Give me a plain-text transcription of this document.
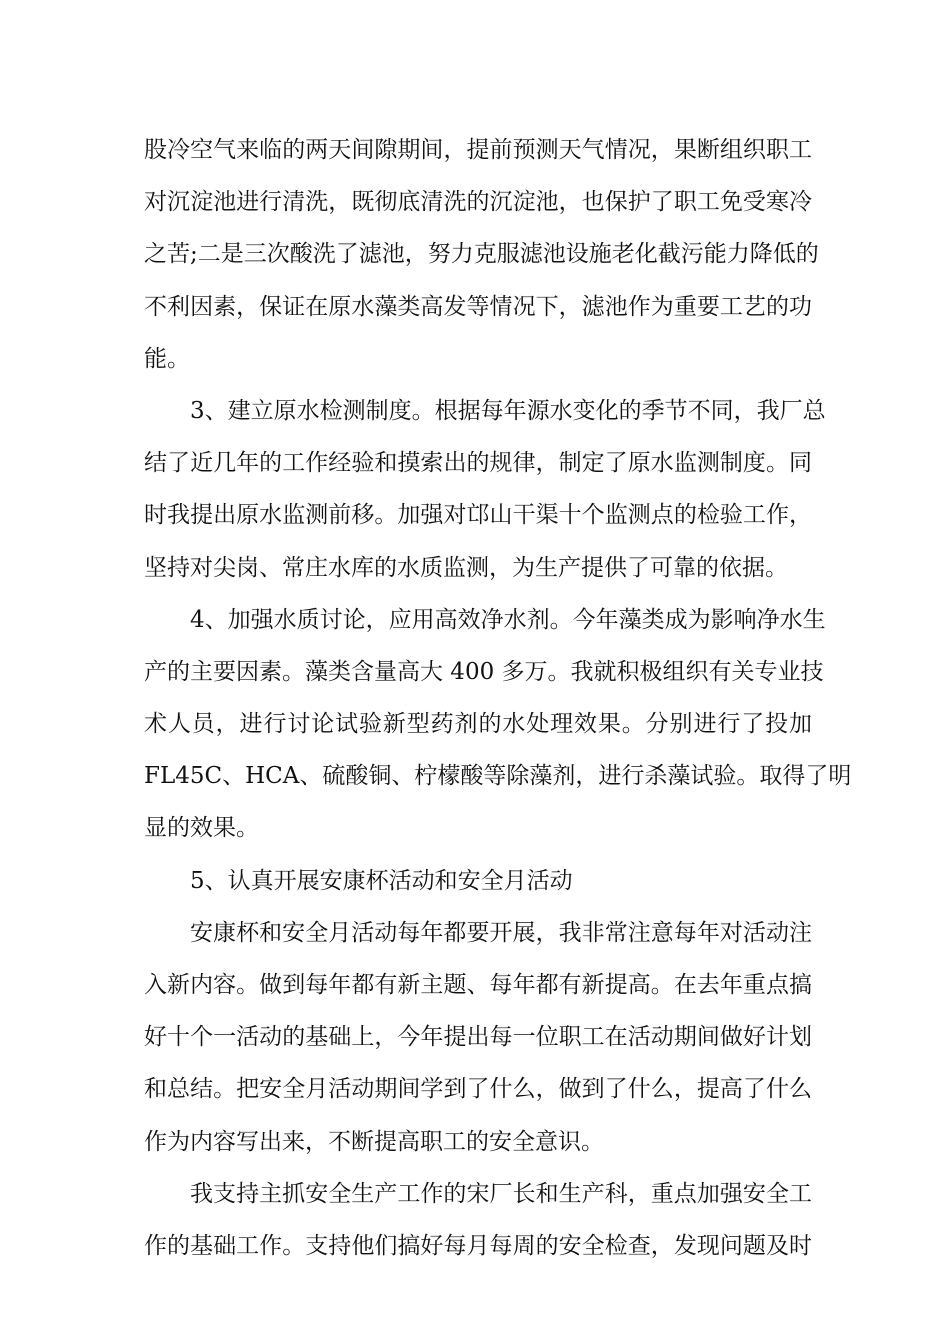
股冷空气来临的两天间隙期间，提前预测天气情况，果断组织职工
对沉淀池进行清洗，既彻底清洗的沉淀池，也保护了职工免受寒冷
之苦;二是三次酸洗了滤池，努力克服滤池设施老化截污能力降低的
不利因素，保证在原水藻类高发等情况下，滤池作为重要工艺的功
能。
3、建立原水检测制度。根据每年源水变化的季节不同，我厂总
结了近几年的工作经验和摸索出的规律，制定了原水监测制度。同
时我提出原水监测前移。加强对邙山干渠十个监测点的检验工作，
坚持对尖岗、常庄水库的水质监测，为生产提供了可靠的依据。
4、加强水质讨论，应用高效净水剂。今年藻类成为影响净水生
产的主要因素。藻类含量高大 400 多万。我就积极组织有关专业技
术人员，进行讨论试验新型药剂的水处理效果。分别进行了投加
FL45C、HCA、硫酸铜、柠檬酸等除藻剂，进行杀藻试验。取得了明
显的效果。
5、认真开展安康杯活动和安全月活动
安康杯和安全月活动每年都要开展，我非常注意每年对活动注
入新内容。做到每年都有新主题、每年都有新提高。在去年重点搞
好十个一活动的基础上，今年提出每一位职工在活动期间做好计划
和总结。把安全月活动期间学到了什么，做到了什么，提高了什么
作为内容写出来，不断提高职工的安全意识。
我支持主抓安全生产工作的宋厂长和生产科，重点加强安全工
作的基础工作。支持他们搞好每月每周的安全检查，发现问题及时
